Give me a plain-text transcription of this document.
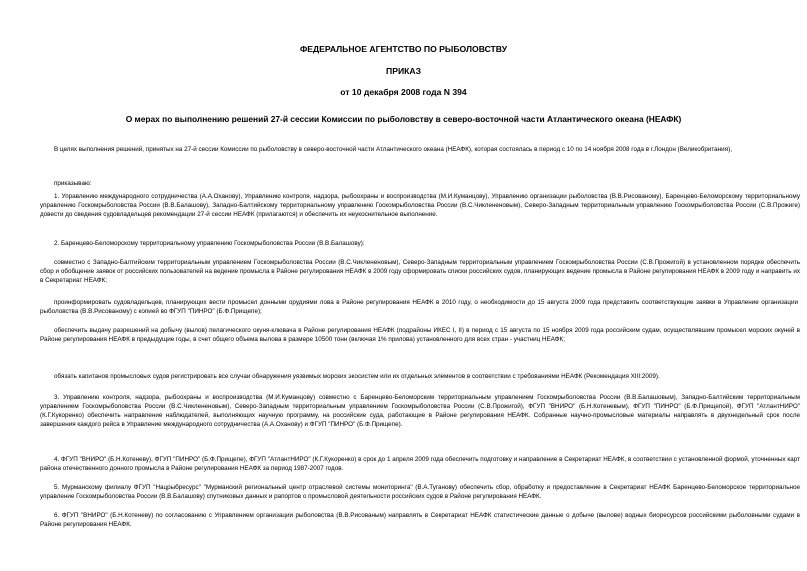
ФЕДЕРАЛЬНОЕ АГЕНТСТВО ПО РЫБОЛОВСТВУ
ПРИКАЗ
от 10 декабря 2008 года N 394
О мерах по выполнению решений 27-й сессии Комиссии по рыболовству в северо-восточной части Атлантического океана (НЕАФК)

В целях выполнения решений, принятых на 27-й сессии Комиссии по рыболовству в северо-восточной части Атлантического океана (НЕАФК), которая состоялась в период с 10 по 14 ноября 2008 года в г.Лондон (Великобритания),

приказываю:

1. Управлению международного сотрудничества (А.А.Оханову), Управлению контроля, надзора, рыбоохраны и воспроизводства (М.И.Куманцову), Управлению организации рыболовства (В.В.Рисованому), Баренцево-Беломорскому территориальному управлению Госкомрыболовства России (В.В.Балашову), Западно-Балтийскому территориальному управлению Госкомрыболовства России (В.С.Чиклененовым), Северо-Западным территориальным управлению Госкомрыболовства России (С.В.Прожиге) довести до сведения судовладельцев рекомендации 27-й сессии НЕАФК (прилагаются) и обеспечить их неукоснительное выполнение.

2. Баренцево-Беломорскому территориальному управлению Госкомрыболовства России (В.В.Балашову):

совместно с Западно-Балтийским территориальным управлением Госкомрыболовства России (В.С.Чиклененовым), Северо-Западным территориальным управлением Госкомрыболовства России (С.В.Прожигой) в установленном порядке обеспечить сбор и обобщение заявок от российских пользователей на ведение промысла в Районе регулирования НЕАФК в 2009 году сформировать списки российских судов, планирующих ведение промысла в Районе регулирования НЕАФК в 2009 году и направить их в Секретариат НЕАФК;

проинформировать судовладельцев, планирующих вести промысел донными орудиями лова в Районе регулирования НЕАФК в 2010 году, о необходимости до 15 августа 2009 года представить соответствующие заявки в Управление организации рыболовства (В.В.Рисованому) с копией во ФГУП "ПИНРО" (Б.Ф.Прищепе);

обеспечить выдачу разрешений на добычу (вылов) пелагического окуня-клювача в Районе регулирования НЕАФК (подрайоны ИКЕС I, II) в период с 15 августа по 15 ноября 2009 года российским судам, осуществлявшим промысел морских окуней в Районе регулирования НЕАФК в предыдущие годы, в счет общего объема вылова в размере 10500 тонн (включая 1% прилова) установленного для всех стран - участниц НЕАФК;

обязать капитанов промысловых судов регистрировать все случаи обнаружения уязвимых морских экосистем или их отдельных элементов в соответствии с требованиями НЕАФК (Рекомендация XIII:2009).

3. Управлению контроля, надзора, рыбоохраны и воспроизводства (М.И.Куманцову) совместно с Баренцево-Беломорским территориальным управлением Госкомрыболовства России (В.В.Балашовым), Западно-Балтийским территориальным управлением Госкомрыболовства России (В.С.Чиклененовым), Северо-Западным территориальным управлением Госкомрыболовства России (С.В.Прожигой), ФГУП "ВНИРО" (Б.Н.Котеневым), ФГУП "ПИНРО" (Б.Ф.Прищепой), ФГУП "АтлантНИРО" (К.Г.Кукоренко) обеспечить направление наблюдателей, выполняющих научную программу, на российские суда, работающие в Районе регулирования НЕАФК. Собранные научно-промысловые материалы направлять в двухнедельный срок после завершения каждого рейса в Управление международного сотрудничества (А.А.Оханову) и ФГУП "ПИНРО" (Б.Ф.Прищепе).

4. ФГУП "ВНИРО" (Б.Н.Котеневу), ФГУП "ПИНРО" (Б.Ф.Прищепе), ФГУП "АтлантНИРО" (К.Г.Кукоренко) в срок до 1 апреля 2009 года обеспечить подготовку и направление в Секретариат НЕАФК, в соответствии с установленной формой, уточненных карт района отечественного донного промысла в Районе регулирования НЕАФК за период 1987-2007 годов.

5. Мурманскому филиалу ФГУП "Нацрыбресурс" "Мурманский региональный центр отраслевой системы мониторинга" (В.А.Туганову) обеспечить сбор, обработку и предоставление в Секретариат НЕАФК Баренцево-Беломорское территориальное управление Госкомрыболовства России (В.В.Балашову) спутниковых данных и рапортов о промысловой деятельности российских судов в Районе регулирования НЕАФК.

6. ФГУП "ВНИРО" (Б.Н.Котеневу) по согласованию с Управлением организации рыболовства (В.В.Рисованым) направлять в Секретариат НЕАФК статистические данные о добыче (вылове) водных биоресурсов российскими рыболовными судами в Районе регулирования НЕАФК.
